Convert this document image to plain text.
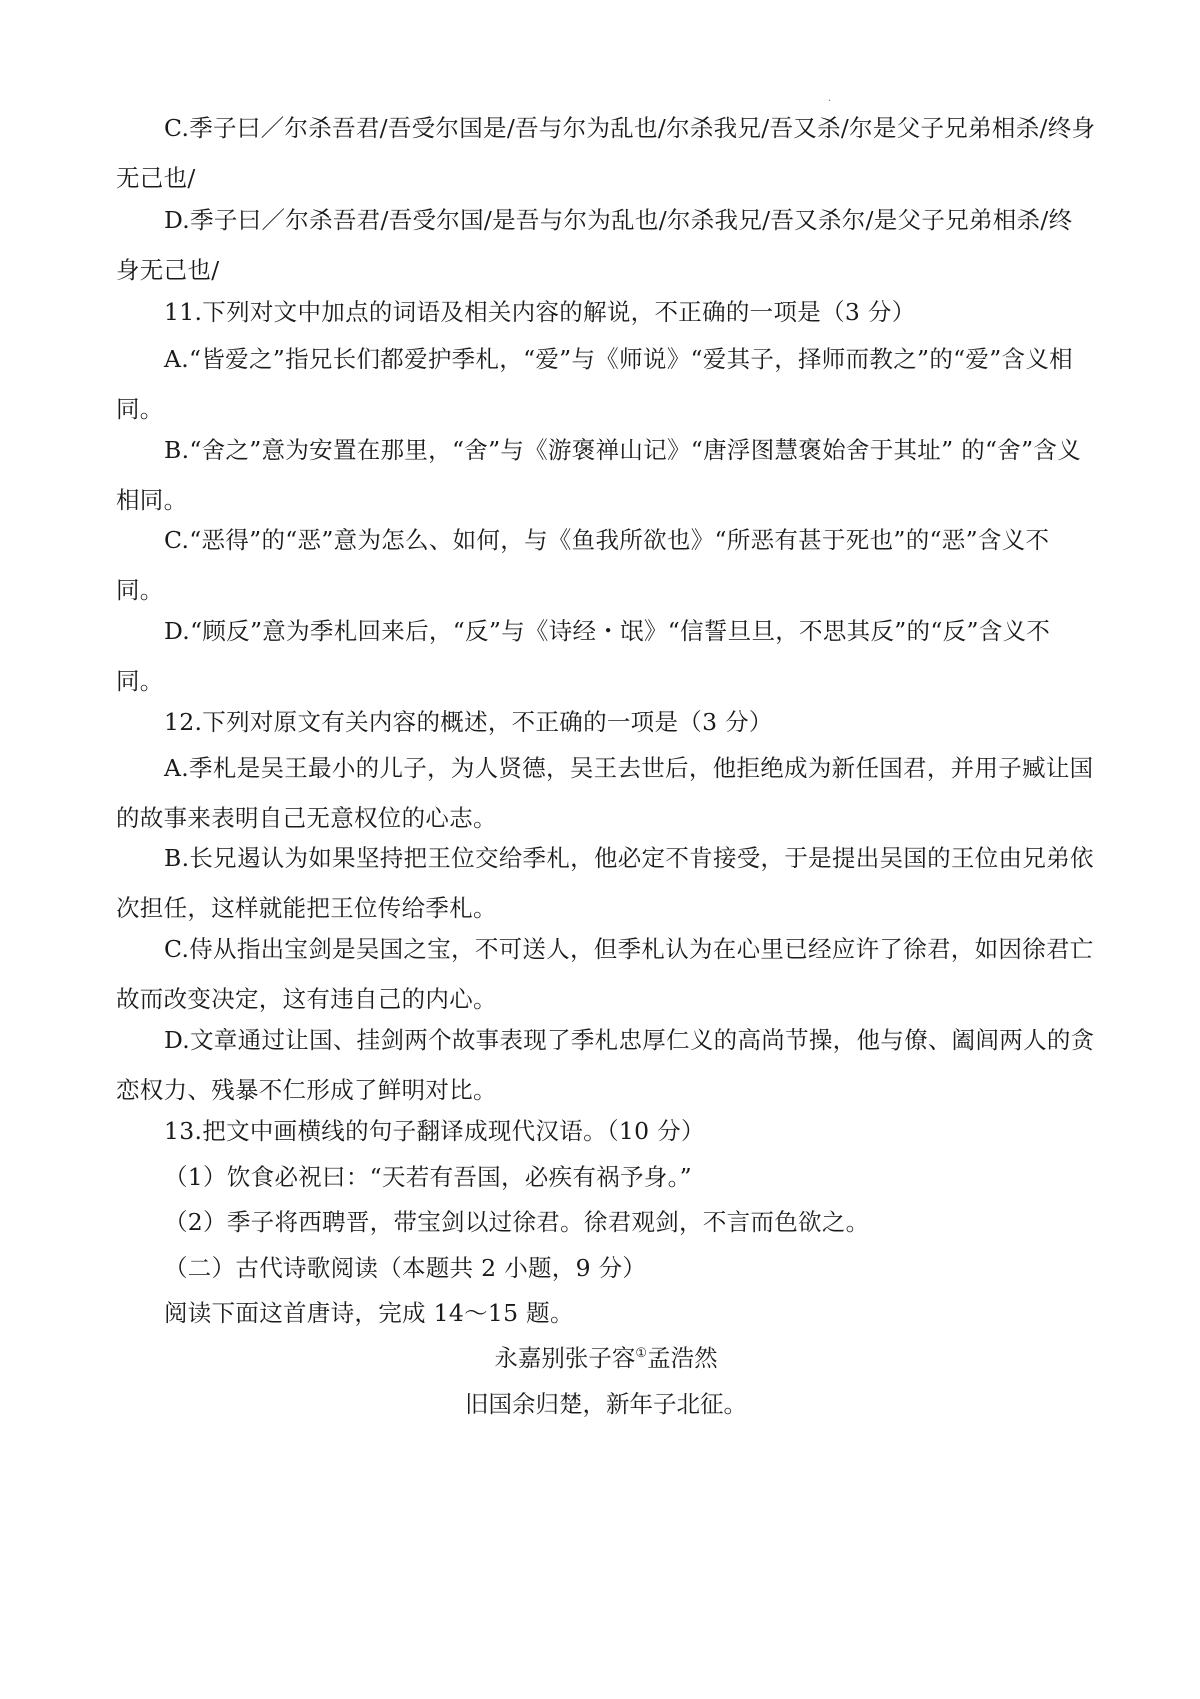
·

C.季子曰／尔杀吾君/吾受尔国是/吾与尔为乱也/尔杀我兄/吾又杀/尔是父子兄弟相杀/终身无己也/

D.季子曰／尔杀吾君/吾受尔国/是吾与尔为乱也/尔杀我兄/吾又杀尔/是父子兄弟相杀/终身无己也/

11.下列对文中加点的词语及相关内容的解说，不正确的一项是（3 分）

A.“皆爱之”指兄长们都爱护季札，“爱”与《师说》“爱其子，择师而教之”的“爱”含义相同。

B.“舍之”意为安置在那里，“舍”与《游褒禅山记》“唐浮图慧褒始舍于其址” 的“舍”含义相同。

C.“恶得”的“恶”意为怎么、如何，与《鱼我所欲也》“所恶有甚于死也”的“恶”含义不同。

D.“顾反”意为季札回来后，“反”与《诗经・氓》“信誓旦旦，不思其反”的“反”含义不同。

12.下列对原文有关内容的概述，不正确的一项是（3 分）

A.季札是吴王最小的儿子，为人贤德，吴王去世后，他拒绝成为新任国君，并用子臧让国的故事来表明自己无意权位的心志。

B.长兄遏认为如果坚持把王位交给季札，他必定不肯接受，于是提出吴国的王位由兄弟依次担任，这样就能把王位传给季札。

C.侍从指出宝剑是吴国之宝，不可送人，但季札认为在心里已经应许了徐君，如因徐君亡故而改变决定，这有违自己的内心。

D.文章通过让国、挂剑两个故事表现了季札忠厚仁义的高尚节操，他与僚、阖闾两人的贪恋权力、残暴不仁形成了鲜明对比。

13.把文中画横线的句子翻译成现代汉语。（10 分）

（1）饮食必祝曰：“天若有吾国，必疾有祸予身。”

（2）季子将西聘晋，带宝剑以过徐君。徐君观剑，不言而色欲之。

（二）古代诗歌阅读（本题共 2 小题，9 分）

阅读下面这首唐诗，完成 14～15 题。

永嘉别张子容①孟浩然

旧国余归楚，新年子北征。
